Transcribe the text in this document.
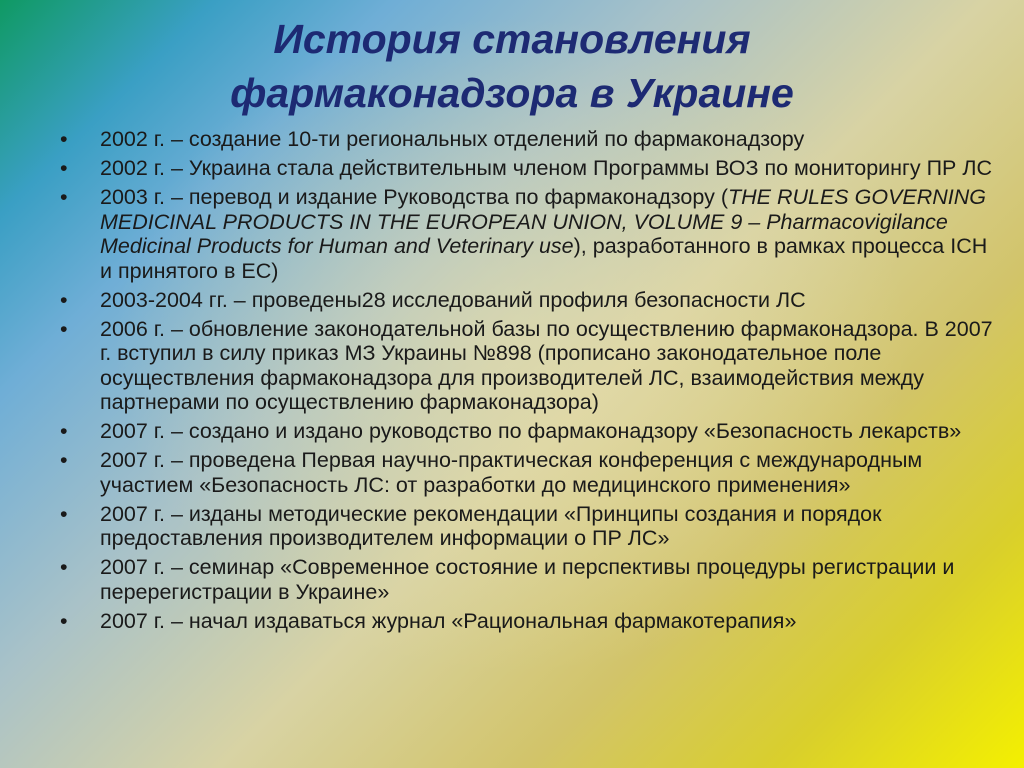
История становления
фармаконадзора в Украине
• 2002 г. – создание 10-ти региональных отделений по фармаконадзору
• 2002 г. – Украина стала действительным членом Программы ВОЗ по мониторингу ПР ЛС
• 2003 г. – перевод и издание Руководства по фармаконадзору (THE RULES GOVERNING MEDICINAL PRODUCTS IN THE EUROPEAN UNION, VOLUME 9 – Pharmacovigilance Medicinal Products for Human and Veterinary use), разработанного в рамках процесса ICH и принятого в ЕС)
• 2003-2004 гг. – проведены28 исследований профиля безопасности ЛС
• 2006 г. – обновление законодательной базы по осуществлению фармаконадзора. В 2007 г. вступил в силу приказ МЗ Украины №898 (прописано законодательное поле осуществления фармаконадзора для производителей ЛС, взаимодействия между партнерами по осуществлению фармаконадзора)
• 2007 г. – создано и издано руководство по фармаконадзору «Безопасность лекарств»
• 2007 г. – проведена Первая научно-практическая конференция с международным участием «Безопасность ЛС: от разработки до медицинского применения»
• 2007 г. – изданы методические рекомендации «Принципы создания и порядок предоставления производителем информации о ПР ЛС»
• 2007 г. – семинар «Современное состояние и перспективы процедуры регистрации и перерегистрации в Украине»
• 2007 г. – начал издаваться журнал «Рациональная фармакотерапия»
